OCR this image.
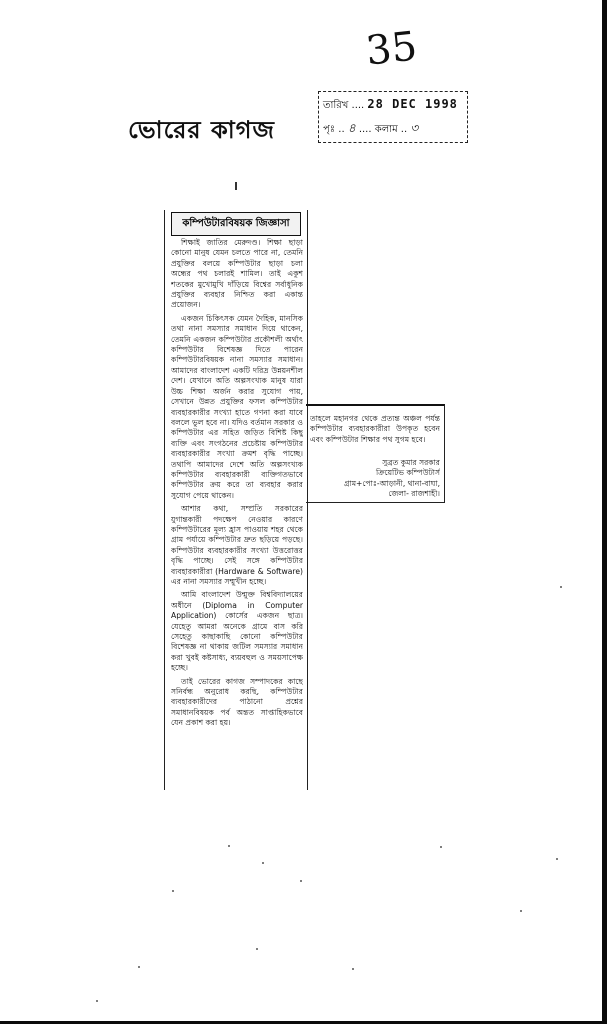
35
ভোরের কাগজ
তারিখ .... 28 DEC 1998
পৃঃ .. ৪ .... কলাম .. ৩
কম্পিউটারবিষয়ক জিজ্ঞাসা

শিক্ষাই জাতির মেরুদণ্ড। শিক্ষা ছাড়া কোনো মানুষ যেমন চলতে পারে না, তেমনি প্রযুক্তির বলয়ে কম্পিউটার ছাড়া চলা অন্ধের পথ চলারই শামিল। তাই একুশ শতকের মুখোমুখি দাঁড়িয়ে বিশ্বের সর্বাধুনিক প্রযুক্তির ব্যবহার নিশ্চিত করা একান্ত প্রয়োজন।

একজন চিকিৎসক যেমন দৈহিক, মানসিক তথা নানা সমস্যার সমাধান দিয়ে থাকেন, তেমনি একজন কম্পিউটার প্রকৌশলী অর্থাৎ কম্পিউটার বিশেষজ্ঞ দিতে পারেন কম্পিউটারবিষয়ক নানা সমস্যার সমাধান। আমাদের বাংলাদেশ একটি দরিদ্র উন্নয়নশীল দেশ। যেখানে অতি অল্পসংখ্যক মানুষ যারা উচ্চ শিক্ষা অর্জন করার সুযোগ পায়, সেখানে উন্নত প্রযুক্তির ফসল কম্পিউটার ব্যবহারকারীর সংখ্যা হাতে গণনা করা যাবে বললে ভুল হবে না। যদিও বর্তমান সরকার ও কম্পিউটার এর সহিত জড়িত বিশিষ্ট কিছু ব্যক্তি এবং সংগঠনের প্রচেষ্টায় কম্পিউটার ব্যবহারকারীর সংখ্যা ক্রমশ বৃদ্ধি পাচ্ছে। তথাপি আমাদের দেশে অতি অল্পসংখ্যক কম্পিউটার ব্যবহারকারী ব্যক্তিগতভাবে কম্পিউটার ক্রয় করে তা ব্যবহার করার সুযোগ পেয়ে থাকেন।

আশার কথা, সম্প্রতি সরকারের যুগান্তকারী পদক্ষেপ নেওয়ার কারণে কম্পিউটারের মূল্য হ্রাস পাওয়ায় শহর থেকে গ্রাম পর্যায়ে কম্পিউটার দ্রুত ছড়িয়ে পড়ছে। কম্পিউটার ব্যবহারকারীর সংখ্যা উত্তরোত্তর বৃদ্ধি পাচ্ছে। সেই সঙ্গে কম্পিউটার ব্যবহারকারীরা (Hardware & Software) এর নানা সমস্যার সম্মুখীন হচ্ছে।

আমি বাংলাদেশ উন্মুক্ত বিশ্ববিদ্যালয়ের অধীনে (Diploma in Computer Application) কোর্সের একজন ছাত্র। যেহেতু আমরা অনেকে গ্রামে বাস করি সেহেতু কাছাকাছি কোনো কম্পিউটার বিশেষজ্ঞ না থাকায় জটিল সমস্যার সমাধান করা খুবই কষ্টসাধ্য, ব্যয়বহুল ও সময়সাপেক্ষ হচ্ছে।

তাই ভোরের কাগজ সম্পাদকের কাছে সনির্বন্ধ অনুরোধ করছি, কম্পিউটার ব্যবহারকারীদের পাঠানো প্রশ্নের সমাধানবিষয়ক পর্ব অন্তত সাপ্তাহিকভাবে যেন প্রকাশ করা হয়।

তাহলে মহানগর থেকে প্রত্যন্ত অঞ্চল পর্যন্ত কম্পিউটার ব্যবহারকারীরা উপকৃত হবেন এবং কম্পিউটার শিক্ষার পথ সুগম হবে।
সুব্রত কুমার সরকার
ক্রিয়েটিভ কম্পিউটার্স
গ্রাম+পোঃ-আড়ানী, থানা-বাঘা,
জেলা- রাজশাহী।
